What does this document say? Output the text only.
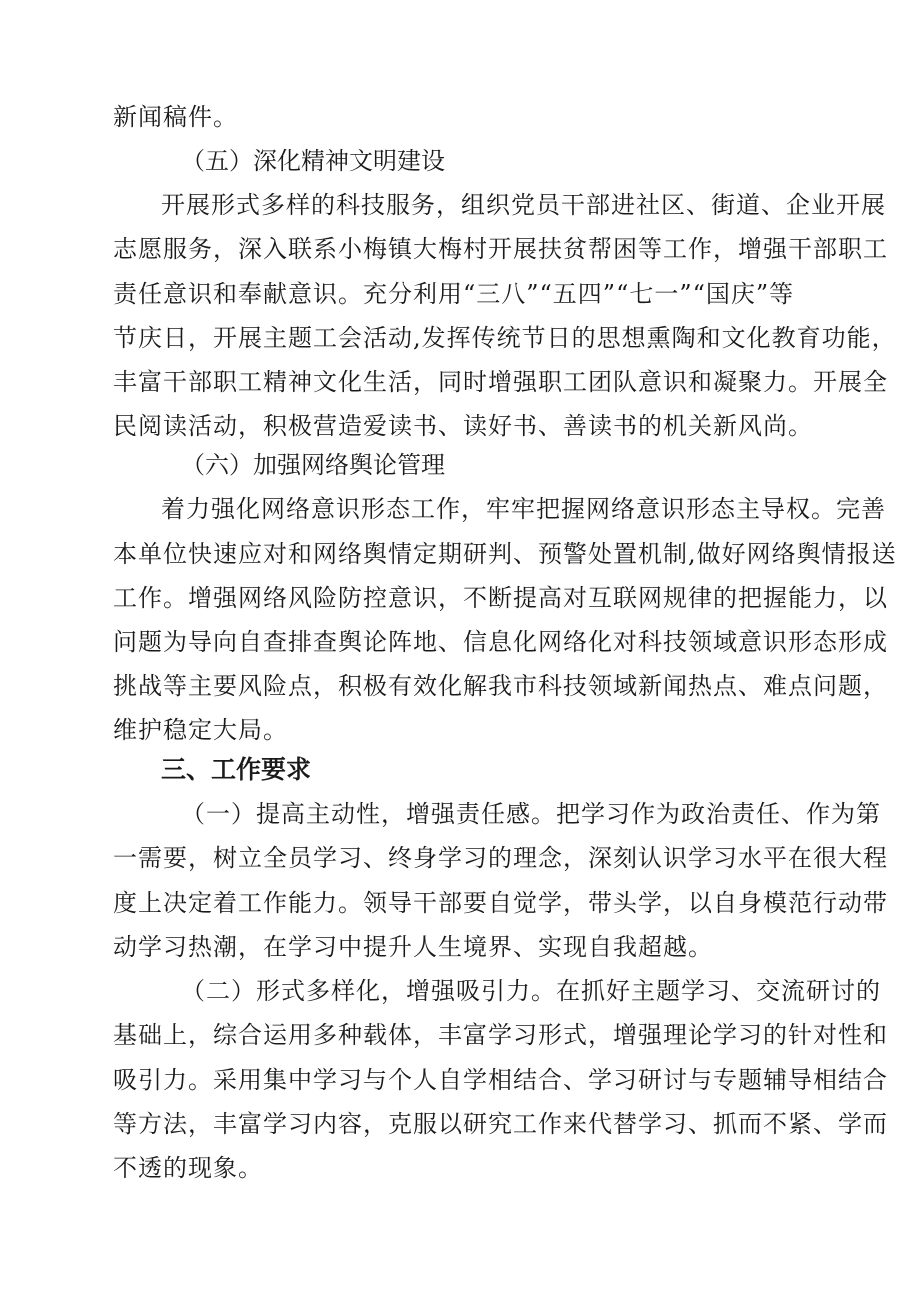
新闻稿件。
（五）深化精神文明建设
开展形式多样的科技服务，组织党员干部进社区、街道、企业开展
志愿服务，深入联系小梅镇大梅村开展扶贫帮困等工作，增强干部职工
责任意识和奉献意识。充分利用“三八”“五四”“七一”“国庆”等
节庆日，开展主题工会活动,发挥传统节日的思想熏陶和文化教育功能，
丰富干部职工精神文化生活，同时增强职工团队意识和凝聚力。开展全
民阅读活动，积极营造爱读书、读好书、善读书的机关新风尚。
（六）加强网络舆论管理
着力强化网络意识形态工作，牢牢把握网络意识形态主导权。完善
本单位快速应对和网络舆情定期研判、预警处置机制,做好网络舆情报送
工作。增强网络风险防控意识，不断提高对互联网规律的把握能力，以
问题为导向自查排查舆论阵地、信息化网络化对科技领域意识形态形成
挑战等主要风险点，积极有效化解我市科技领域新闻热点、难点问题，
维护稳定大局。
三、工作要求
（一）提高主动性，增强责任感。把学习作为政治责任、作为第
一需要，树立全员学习、终身学习的理念，深刻认识学习水平在很大程
度上决定着工作能力。领导干部要自觉学，带头学，以自身模范行动带
动学习热潮，在学习中提升人生境界、实现自我超越。
（二）形式多样化，增强吸引力。在抓好主题学习、交流研讨的
基础上，综合运用多种载体，丰富学习形式，增强理论学习的针对性和
吸引力。采用集中学习与个人自学相结合、学习研讨与专题辅导相结合
等方法，丰富学习内容，克服以研究工作来代替学习、抓而不紧、学而
不透的现象。
